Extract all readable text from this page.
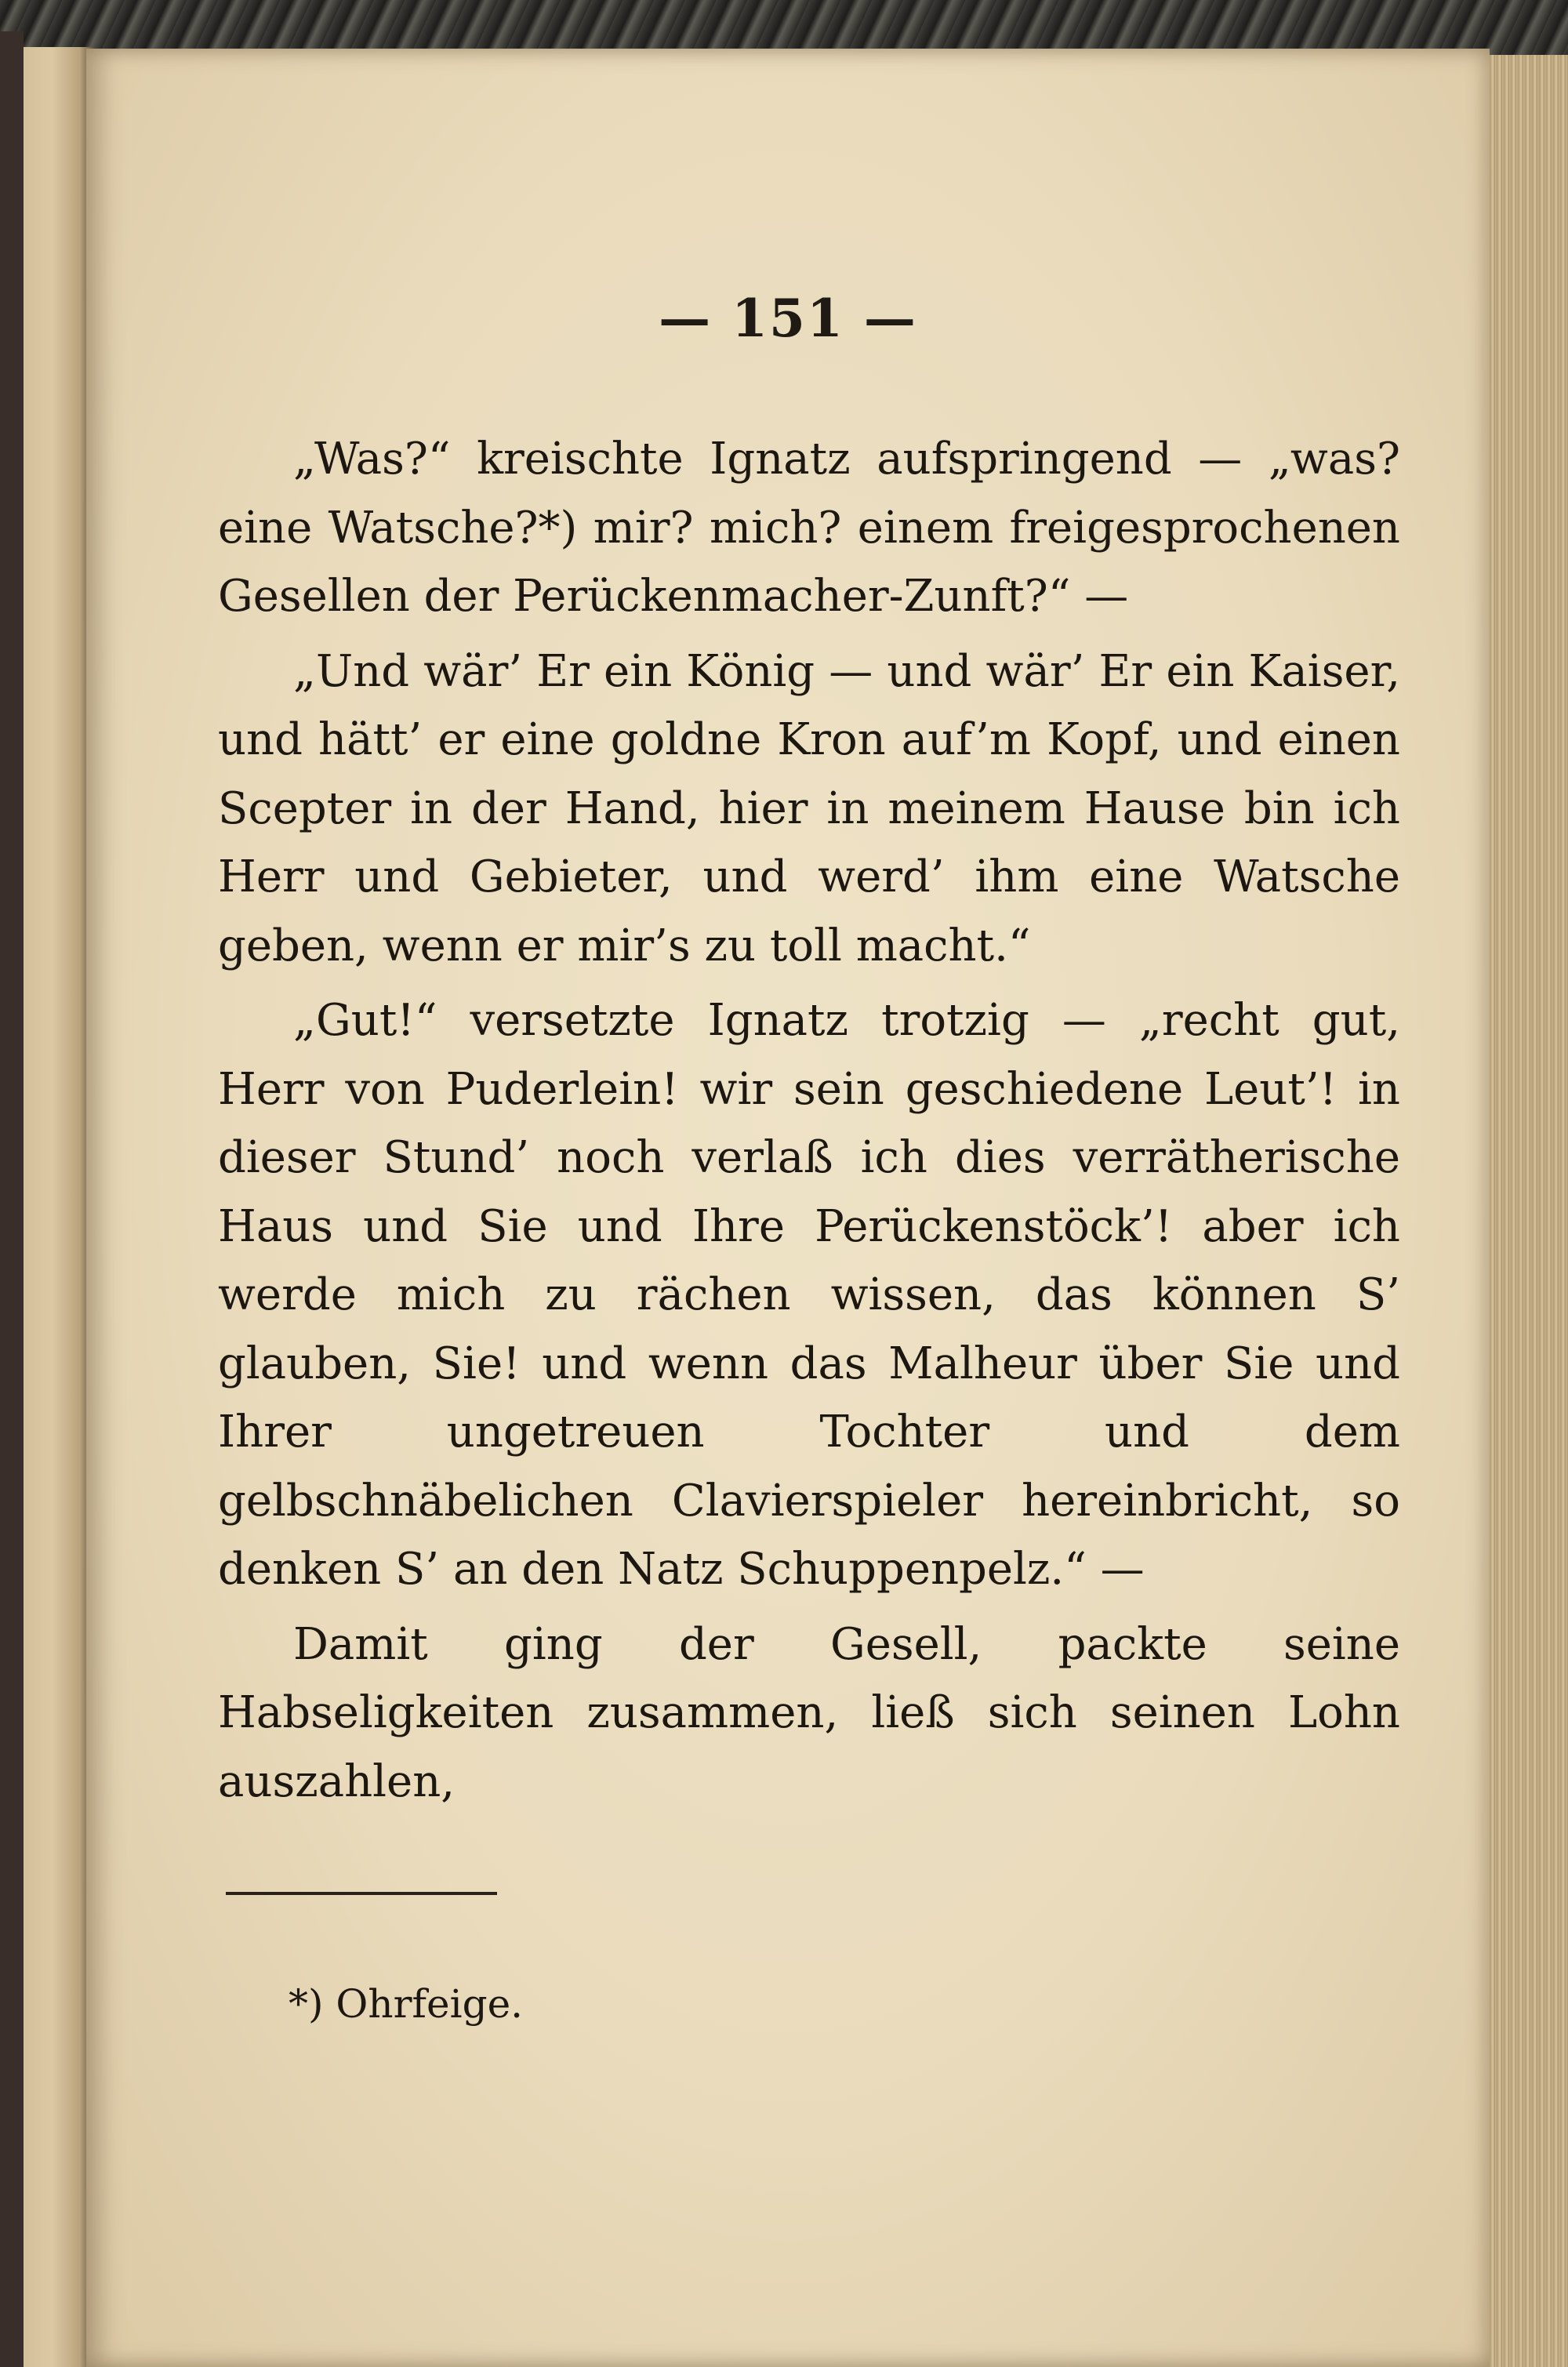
— 151 —

„Was?“ kreischte Ignatz aufspringend — „was? eine Watsche?*) mir? mich? einem freigesprochenen Gesellen der Perückenmacher-Zunft?“ —

„Und wär’ Er ein König — und wär’ Er ein Kaiser, und hätt’ er eine goldne Kron auf’m Kopf, und einen Scepter in der Hand, hier in meinem Hause bin ich Herr und Gebieter, und werd’ ihm eine Watsche geben, wenn er mir’s zu toll macht.“

„Gut!“ versetzte Ignatz trotzig — „recht gut, Herr von Puderlein! wir sein geschiedene Leut’! in dieser Stund’ noch verlaß ich dies verrätherische Haus und Sie und Ihre Perückenstöck’! aber ich werde mich zu rächen wissen, das können S’ glauben, Sie! und wenn das Malheur über Sie und Ihrer ungetreuen Tochter und dem gelbschnäbelichen Clavierspieler hereinbricht, so denken S’ an den Natz Schuppenpelz.“ —

Damit ging der Gesell, packte seine Habseligkeiten zusammen, ließ sich seinen Lohn auszahlen,

*) Ohrfeige.
